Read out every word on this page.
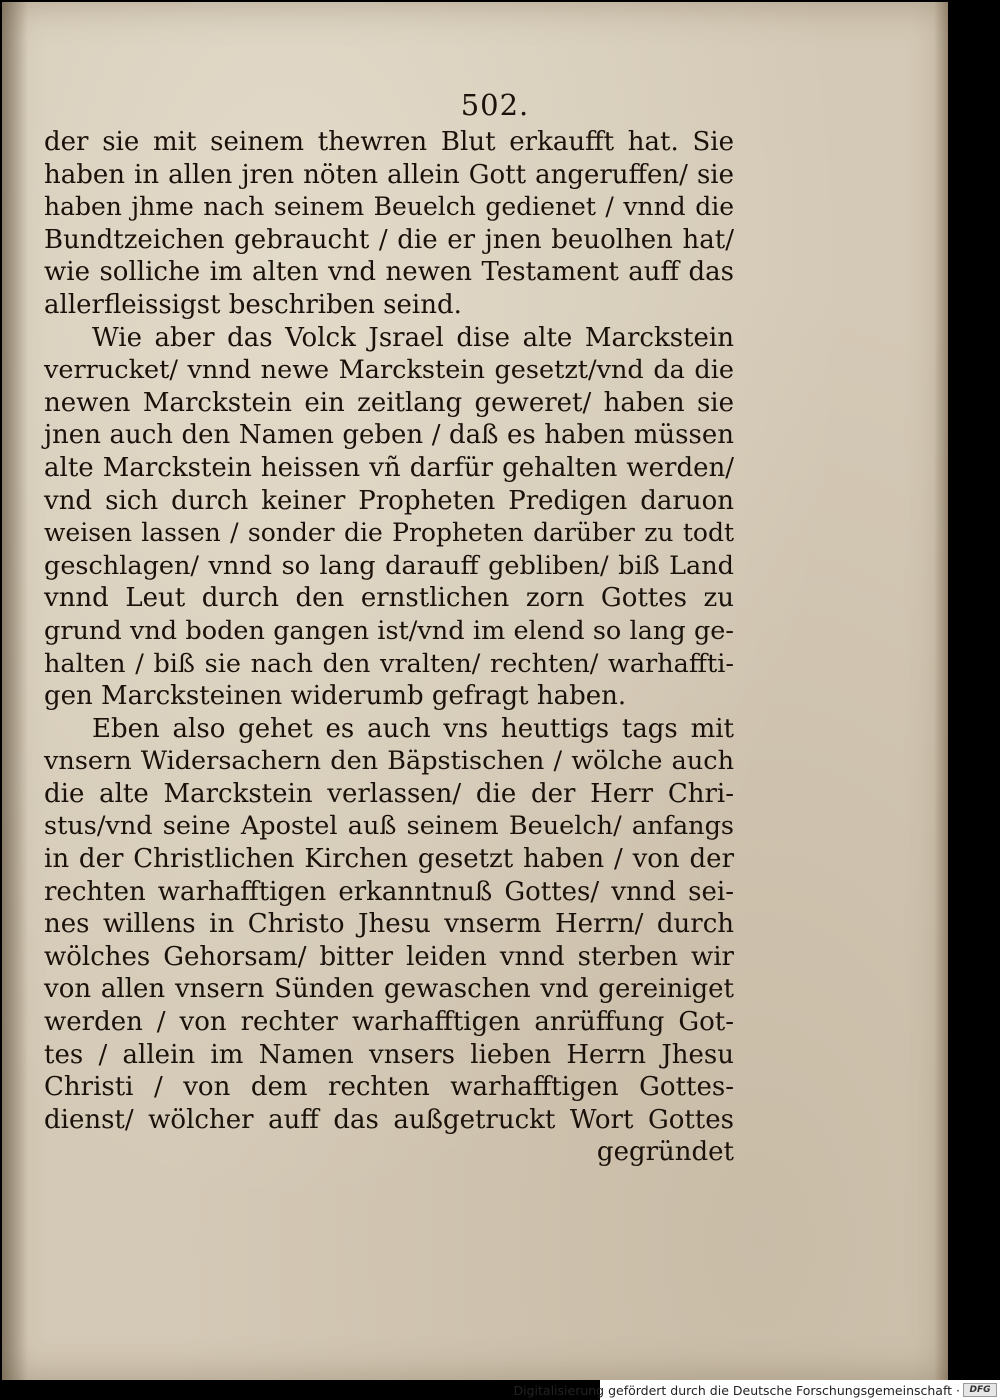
502.
der sie mit seinem thewren Blut erkaufft hat. Sie
haben in allen jren nöten allein Gott angeruffen/ sie
haben jhme nach seinem Beuelch gedienet / vnnd die
Bundtzeichen gebraucht / die er jnen beuolhen hat/
wie solliche im alten vnd newen Testament auff das
allerfleissigst beschriben seind.
Wie aber das Volck Jsrael dise alte Marckstein
verrucket/ vnnd newe Marckstein gesetzt/vnd da die
newen Marckstein ein zeitlang geweret/ haben sie
jnen auch den Namen geben / daß es haben müssen
alte Marckstein heissen vñ darfür gehalten werden/
vnd sich durch keiner Propheten Predigen daruon
weisen lassen / sonder die Propheten darüber zu todt
geschlagen/ vnnd so lang darauff gebliben/ biß Land
vnnd Leut durch den ernstlichen zorn Gottes zu
grund vnd boden gangen ist/vnd im elend so lang ge-
halten / biß sie nach den vralten/ rechten/ warhaffti-
gen Marcksteinen widerumb gefragt haben.
Eben also gehet es auch vns heuttigs tags mit
vnsern Widersachern den Bäpstischen / wölche auch
die alte Marckstein verlassen/ die der Herr Chri-
stus/vnd seine Apostel auß seinem Beuelch/ anfangs
in der Christlichen Kirchen gesetzt haben / von der
rechten warhafftigen erkanntnuß Gottes/ vnnd sei-
nes willens in Christo Jhesu vnserm Herrn/ durch
wölches Gehorsam/ bitter leiden vnnd sterben wir
von allen vnsern Sünden gewaschen vnd gereiniget
werden / von rechter warhafftigen anrüffung Got-
tes / allein im Namen vnsers lieben Herrn Jhesu
Christi / von dem rechten warhafftigen Gottes-
dienst/ wölcher auff das außgetruckt Wort Gottes
gegründet
Digitalisierung gefördert durch die Deutsche Forschungsgemeinschaft ·	DFG
